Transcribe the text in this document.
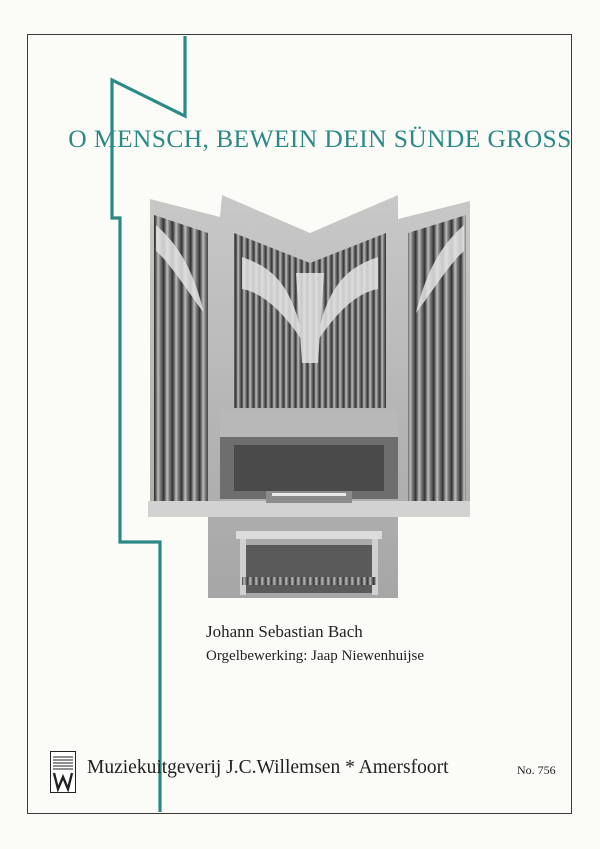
O MENSCH, BEWEIN DEIN SÜNDE GROSS
Johann Sebastian Bach
Orgelbewerking: Jaap Niewenhuijse
Muziekuitgeverij J.C.Willemsen * Amersfoort	No. 756
